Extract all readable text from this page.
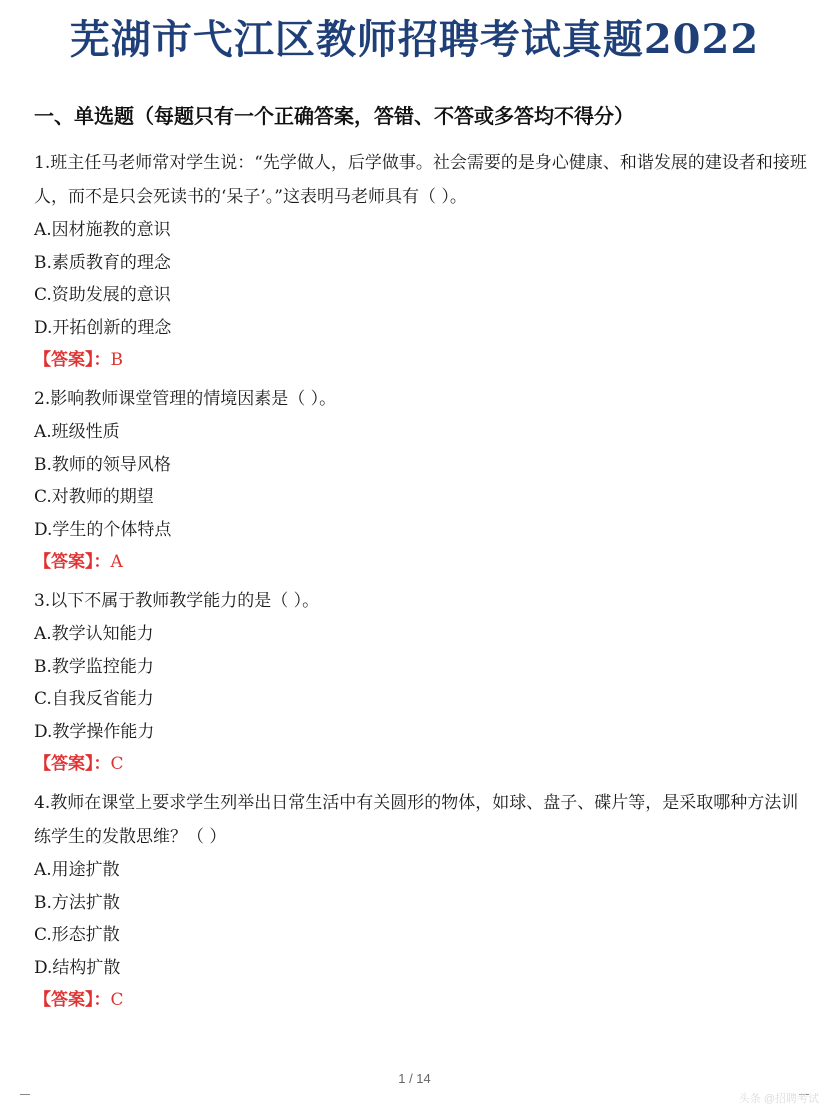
芜湖市弋江区教师招聘考试真题2022
一、单选题（每题只有一个正确答案，答错、不答或多答均不得分）
1.班主任马老师常对学生说：“先学做人，后学做事。社会需要的是身心健康、和谐发展的建设者和接班人，而不是只会死读书的‘呆子’。”这表明马老师具有（ ）。
A.因材施教的意识
B.素质教育的理念
C.资助发展的意识
D.开拓创新的理念
【答案】：B
2.影响教师课堂管理的情境因素是（ ）。
A.班级性质
B.教师的领导风格
C.对教师的期望
D.学生的个体特点
【答案】：A
3.以下不属于教师教学能力的是（ ）。
A.教学认知能力
B.教学监控能力
C.自我反省能力
D.教学操作能力
【答案】：C
4.教师在课堂上要求学生列举出日常生活中有关圆形的物体，如球、盘子、碟片等，是采取哪种方法训练学生的发散思维？（ ）
A.用途扩散
B.方法扩散
C.形态扩散
D.结构扩散
【答案】：C
1 / 14
头条 @招聘考试
